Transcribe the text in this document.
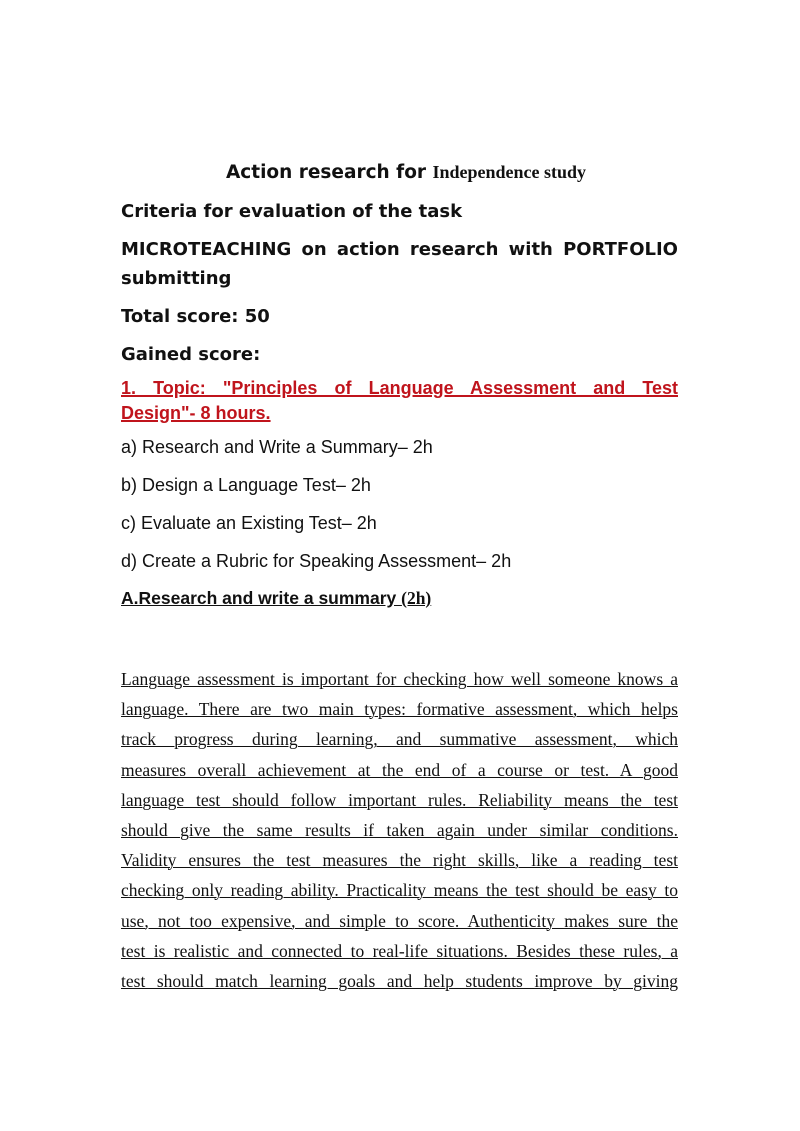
Action research for Independence study
Criteria for evaluation of the task
MICROTEACHING on action research with PORTFOLIO
submitting
Total score: 50
Gained score:
1. Topic: "Principles of Language Assessment and Test
Design"- 8 hours.
a) Research and Write a Summary– 2h
b) Design a Language Test– 2h
c) Evaluate an Existing Test– 2h
d) Create a Rubric for Speaking Assessment– 2h
A.Research and write a summary (2h)
Language assessment is important for checking how well someone knows a
language. There are two main types: formative assessment, which helps
track progress during learning, and summative assessment, which
measures overall achievement at the end of a course or test. A good
language test should follow important rules. Reliability means the test
should give the same results if taken again under similar conditions.
Validity ensures the test measures the right skills, like a reading test
checking only reading ability. Practicality means the test should be easy to
use, not too expensive, and simple to score. Authenticity makes sure the
test is realistic and connected to real-life situations. Besides these rules, a
test should match learning goals and help students improve by giving
